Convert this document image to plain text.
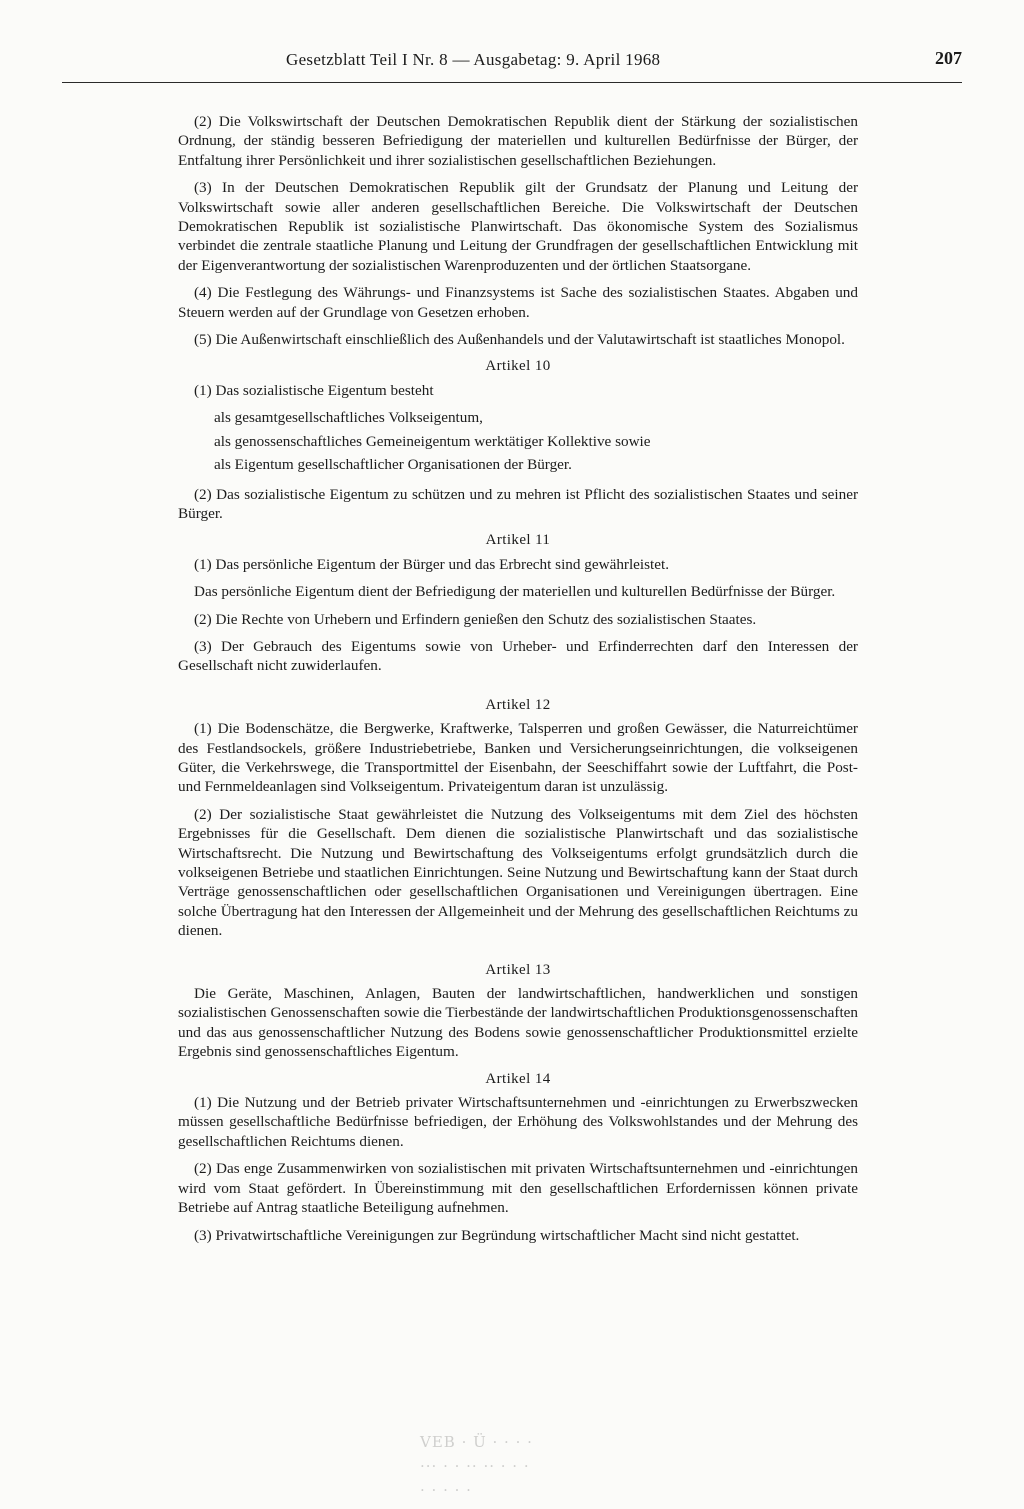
Gesetzblatt Teil I Nr. 8 — Ausgabetag: 9. April 1968	207

(2) Die Volkswirtschaft der Deutschen Demokratischen Republik dient der Stärkung der sozialistischen Ordnung, der ständig besseren Befriedigung der materiellen und kulturellen Bedürfnisse der Bürger, der Entfaltung ihrer Persönlichkeit und ihrer sozialistischen gesellschaftlichen Beziehungen.

(3) In der Deutschen Demokratischen Republik gilt der Grundsatz der Planung und Leitung der Volkswirtschaft sowie aller anderen gesellschaftlichen Bereiche. Die Volkswirtschaft der Deutschen Demokratischen Republik ist sozialistische Planwirtschaft. Das ökonomische System des Sozialismus verbindet die zentrale staatliche Planung und Leitung der Grundfragen der gesellschaftlichen Entwicklung mit der Eigenverantwortung der sozialistischen Warenproduzenten und der örtlichen Staatsorgane.

(4) Die Festlegung des Währungs- und Finanzsystems ist Sache des sozialistischen Staates. Abgaben und Steuern werden auf der Grundlage von Gesetzen erhoben.

(5) Die Außenwirtschaft einschließlich des Außenhandels und der Valutawirtschaft ist staatliches Monopol.

Artikel 10

(1) Das sozialistische Eigentum besteht

als gesamtgesellschaftliches Volkseigentum,
als genossenschaftliches Gemeineigentum werktätiger Kollektive sowie
als Eigentum gesellschaftlicher Organisationen der Bürger.

(2) Das sozialistische Eigentum zu schützen und zu mehren ist Pflicht des sozialistischen Staates und seiner Bürger.

Artikel 11

(1) Das persönliche Eigentum der Bürger und das Erbrecht sind gewährleistet.

Das persönliche Eigentum dient der Befriedigung der materiellen und kulturellen Bedürfnisse der Bürger.

(2) Die Rechte von Urhebern und Erfindern genießen den Schutz des sozialistischen Staates.

(3) Der Gebrauch des Eigentums sowie von Urheber- und Erfinderrechten darf den Interessen der Gesellschaft nicht zuwiderlaufen.

Artikel 12

(1) Die Bodenschätze, die Bergwerke, Kraftwerke, Talsperren und großen Gewässer, die Naturreichtümer des Festlandsockels, größere Industriebetriebe, Banken und Versicherungseinrichtungen, die volkseigenen Güter, die Verkehrswege, die Transportmittel der Eisenbahn, der Seeschiffahrt sowie der Luftfahrt, die Post- und Fernmeldeanlagen sind Volkseigentum. Privateigentum daran ist unzulässig.

(2) Der sozialistische Staat gewährleistet die Nutzung des Volkseigentums mit dem Ziel des höchsten Ergebnisses für die Gesellschaft. Dem dienen die sozialistische Planwirtschaft und das sozialistische Wirtschaftsrecht. Die Nutzung und Bewirtschaftung des Volkseigentums erfolgt grundsätzlich durch die volkseigenen Betriebe und staatlichen Einrichtungen. Seine Nutzung und Bewirtschaftung kann der Staat durch Verträge genossenschaftlichen oder gesellschaftlichen Organisationen und Vereinigungen übertragen. Eine solche Übertragung hat den Interessen der Allgemeinheit und der Mehrung des gesellschaftlichen Reichtums zu dienen.

Artikel 13

Die Geräte, Maschinen, Anlagen, Bauten der landwirtschaftlichen, handwerklichen und sonstigen sozialistischen Genossenschaften sowie die Tierbestände der landwirtschaftlichen Produktionsgenossenschaften und das aus genossenschaftlicher Nutzung des Bodens sowie genossenschaftlicher Produktionsmittel erzielte Ergebnis sind genossenschaftliches Eigentum.

Artikel 14

(1) Die Nutzung und der Betrieb privater Wirtschaftsunternehmen und -einrichtungen zu Erwerbszwecken müssen gesellschaftliche Bedürfnisse befriedigen, der Erhöhung des Volkswohlstandes und der Mehrung des gesellschaftlichen Reichtums dienen.

(2) Das enge Zusammenwirken von sozialistischen mit privaten Wirtschaftsunternehmen und -einrichtungen wird vom Staat gefördert. In Übereinstimmung mit den gesellschaftlichen Erfordernissen können private Betriebe auf Antrag staatliche Beteiligung aufnehmen.

(3) Privatwirtschaftliche Vereinigungen zur Begründung wirtschaftlicher Macht sind nicht gestattet.

VEB · Ü · · · ·
··· · · ·· ·· · · ·
· · · · ·
